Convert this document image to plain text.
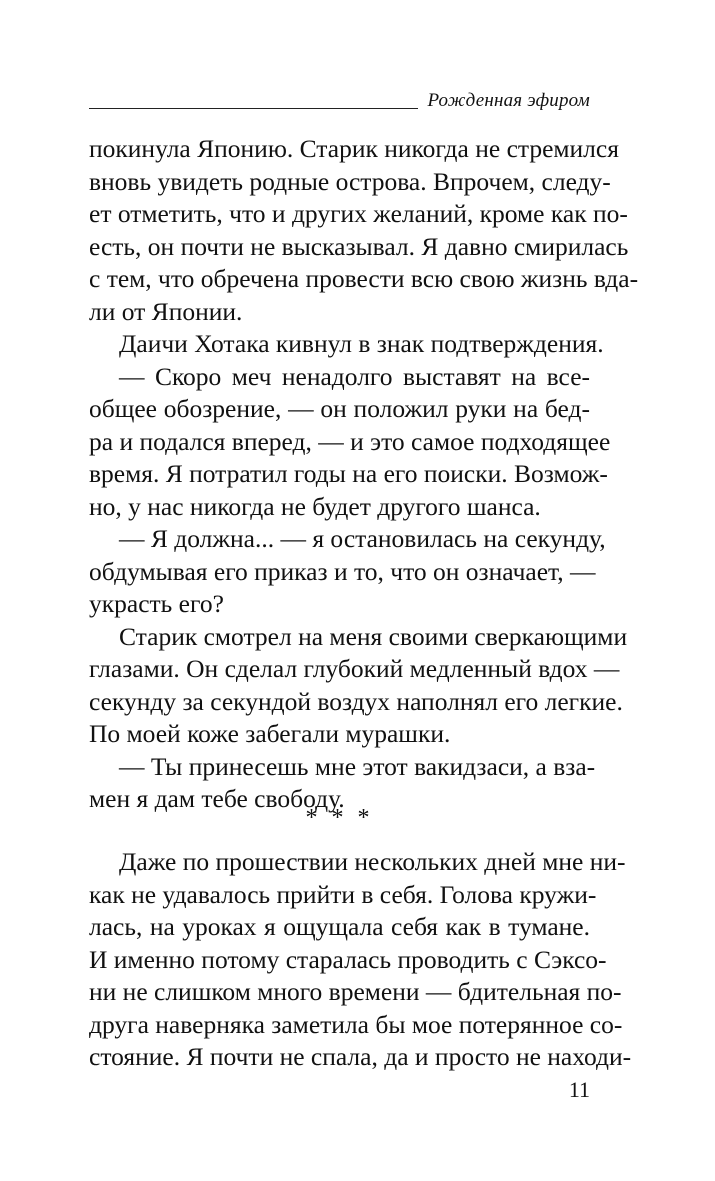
Рожденная эфиром

покинула Японию. Старик никогда не стремился
вновь увидеть родные острова. Впрочем, следу-
ет отметить, что и других желаний, кроме как по-
есть, он почти не высказывал. Я давно смирилась
с тем, что обречена провести всю свою жизнь вда-
ли от Японии.

Даичи Хотака кивнул в знак подтверждения.

— Скоро меч ненадолго выставят на все-
общее обозрение, — он положил руки на бед-
ра и подался вперед, — и это самое подходящее
время. Я потратил годы на его поиски. Возмож-
но, у нас никогда не будет другого шанса.

— Я должна... — я остановилась на секунду,
обдумывая его приказ и то, что он означает, —
украсть его?

Старик смотрел на меня своими сверкающими
глазами. Он сделал глубокий медленный вдох —
секунду за секундой воздух наполнял его легкие.
По моей коже забегали мурашки.

— Ты принесешь мне этот вакидзаси, а взa-
мен я дам тебе свободу.

* * *

Даже по прошествии нескольких дней мне ни-
как не удавалось прийти в себя. Голова кружи-
лась, на уроках я ощущала себя как в тумане.
И именно потому старалась проводить с Сэксо-
ни не слишком много времени — бдительная по-
друга наверняка заметила бы мое потерянное со-
стояние. Я почти не спала, да и просто не находи-

11
